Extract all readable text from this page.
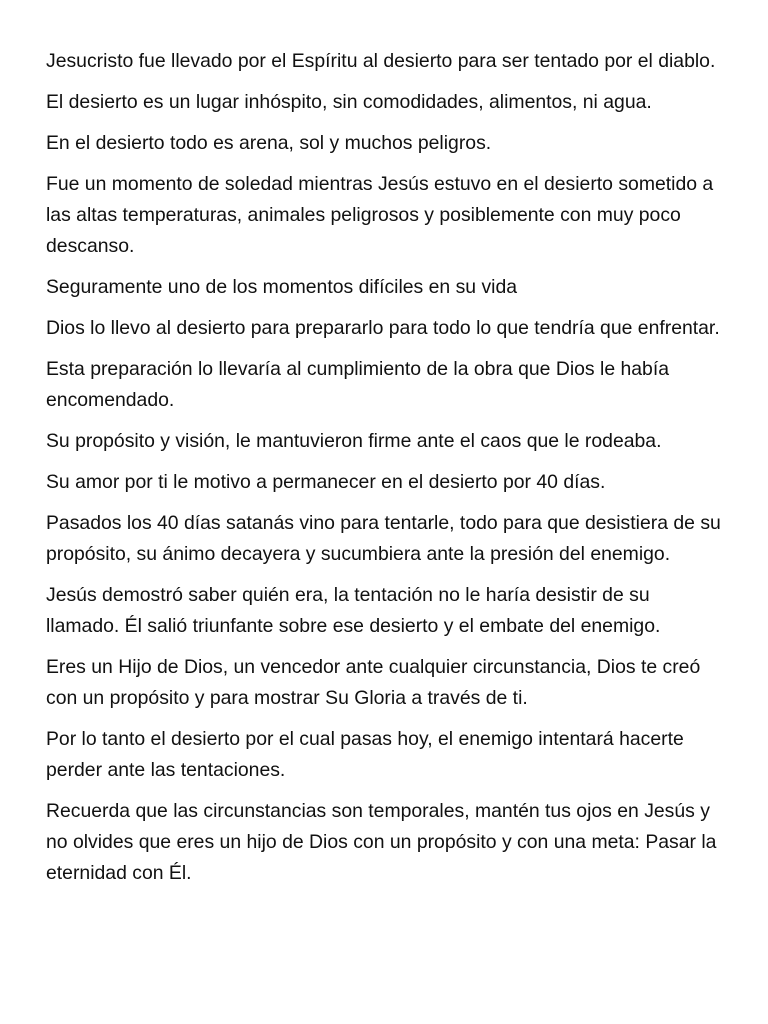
Jesucristo fue llevado por el Espíritu al desierto para ser tentado por el diablo.

El desierto es un lugar inhóspito, sin comodidades, alimentos, ni agua.

En el desierto todo es arena, sol y muchos peligros.

Fue un momento de soledad mientras Jesús estuvo en el desierto sometido a las altas temperaturas, animales peligrosos y posiblemente con muy poco descanso.

Seguramente uno de los momentos difíciles en su vida

Dios lo llevo al desierto para prepararlo para todo lo que tendría que enfrentar.

Esta preparación lo llevaría al cumplimiento de la obra que Dios le había encomendado.

Su propósito y visión, le mantuvieron firme ante el caos que le rodeaba.

Su amor por ti le motivo a permanecer en el desierto por 40 días.

Pasados los 40 días satanás vino para tentarle, todo para que desistiera de su propósito, su ánimo decayera y sucumbiera ante la presión del enemigo.

Jesús demostró saber quién era, la tentación no le haría desistir de su llamado. Él salió triunfante sobre ese desierto y el embate del enemigo.

Eres un Hijo de Dios, un vencedor ante cualquier circunstancia, Dios te creó con un propósito y para mostrar Su Gloria a través de ti.

Por lo tanto el desierto por el cual pasas hoy, el enemigo intentará hacerte perder ante las tentaciones.

Recuerda que las circunstancias son temporales, mantén tus ojos en Jesús y no olvides que eres un hijo de Dios con un propósito y con una meta: Pasar la eternidad con Él.
